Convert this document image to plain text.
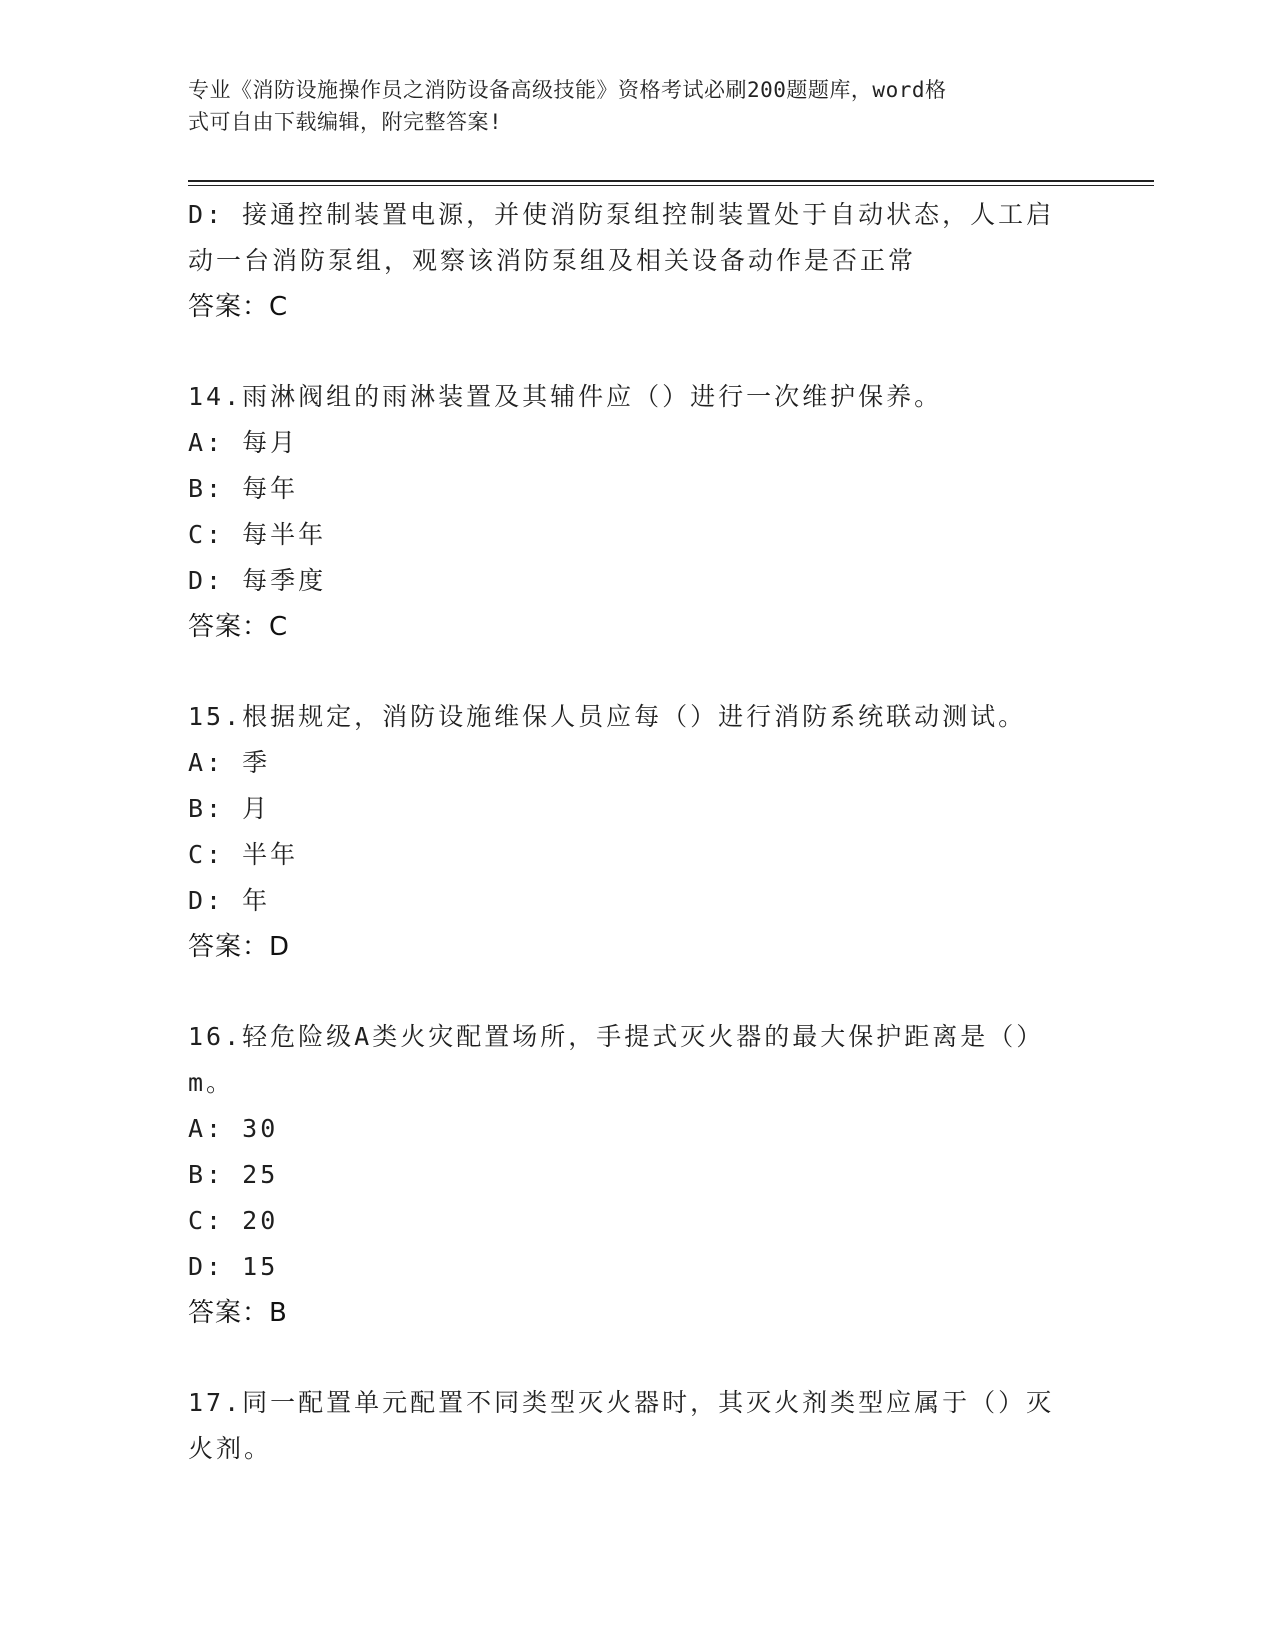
专业《消防设施操作员之消防设备高级技能》资格考试必刷200题题库，word格
式可自由下载编辑，附完整答案!
D: 接通控制装置电源，并使消防泵组控制装置处于自动状态，人工启
动一台消防泵组，观察该消防泵组及相关设备动作是否正常
答案：C
14.雨淋阀组的雨淋装置及其辅件应（）进行一次维护保养。
A: 每月
B: 每年
C: 每半年
D: 每季度
答案：C
15.根据规定，消防设施维保人员应每（）进行消防系统联动测试。
A: 季
B: 月
C: 半年
D: 年
答案：D
16.轻危险级A类火灾配置场所，手提式灭火器的最大保护距离是（）
m。
A: 30
B: 25
C: 20
D: 15
答案：B
17.同一配置单元配置不同类型灭火器时，其灭火剂类型应属于（）灭
火剂。
